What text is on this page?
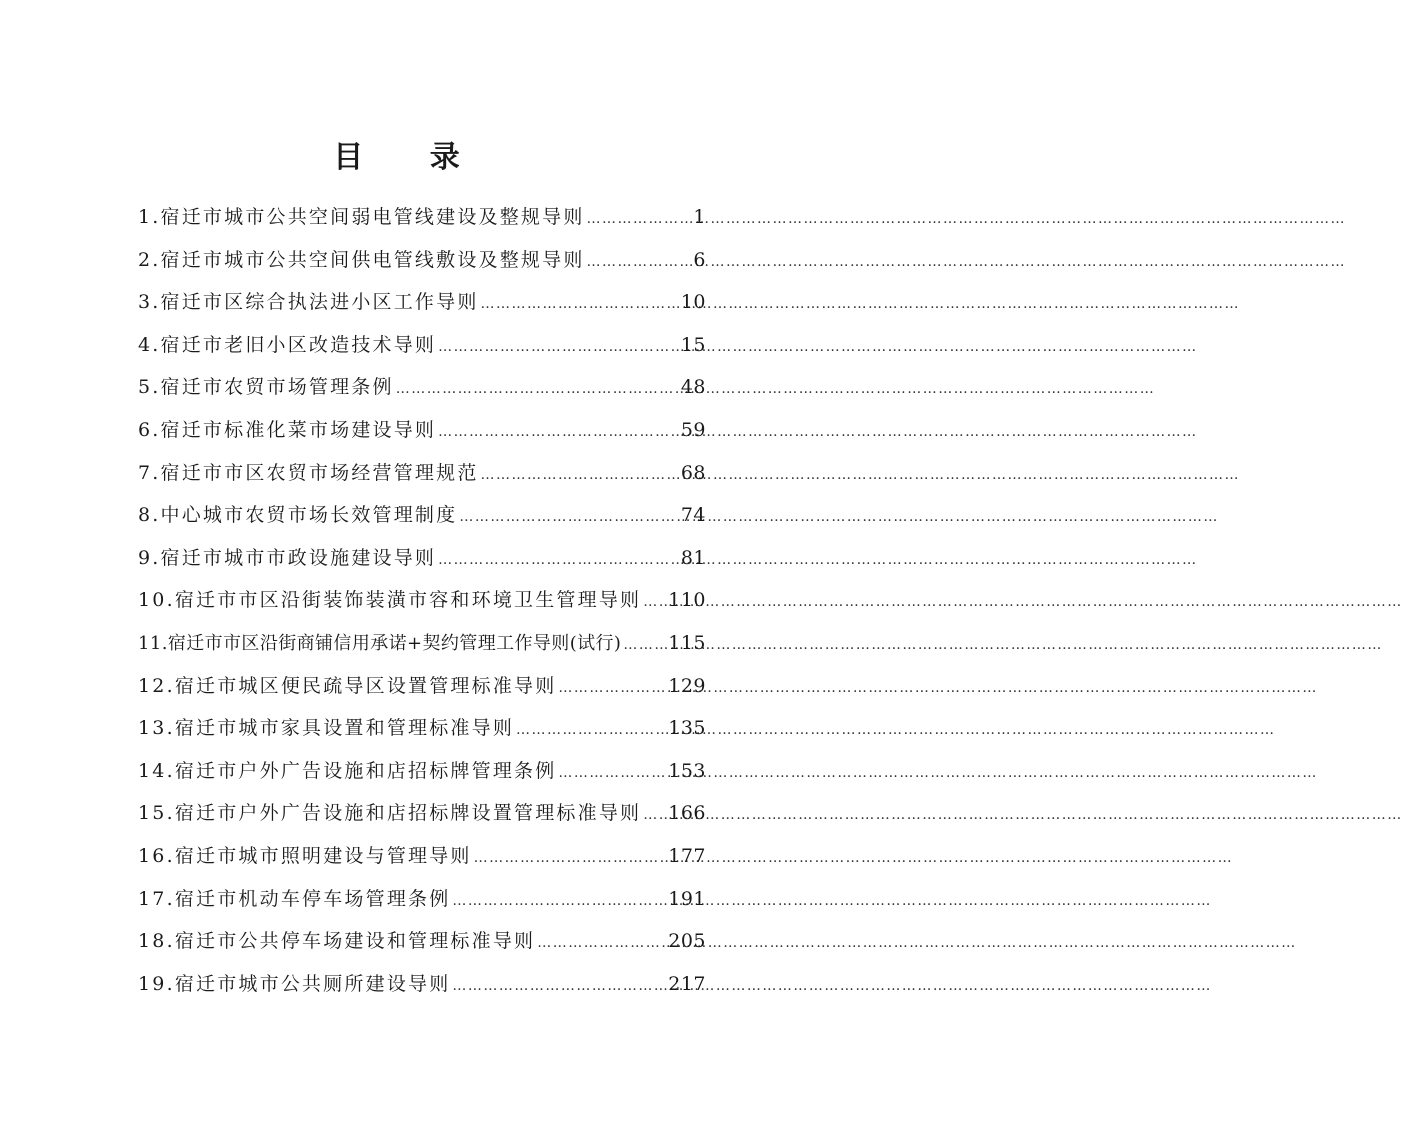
目 录
1.宿迁市城市公共空间弱电管线建设及整规导则 …………………………………………………………………………………………………………………………………	1
2.宿迁市城市公共空间供电管线敷设及整规导则 …………………………………………………………………………………………………………………………………	6
3.宿迁市区综合执法进小区工作导则 …………………………………………………………………………………………………………………………………	10
4.宿迁市老旧小区改造技术导则 …………………………………………………………………………………………………………………………………	15
5.宿迁市农贸市场管理条例 …………………………………………………………………………………………………………………………………	48
6.宿迁市标准化菜市场建设导则 …………………………………………………………………………………………………………………………………	59
7.宿迁市市区农贸市场经营管理规范 …………………………………………………………………………………………………………………………………	68
8.中心城市农贸市场长效管理制度 …………………………………………………………………………………………………………………………………	74
9.宿迁市城市市政设施建设导则 …………………………………………………………………………………………………………………………………	81
10.宿迁市市区沿街装饰装潢市容和环境卫生管理导则 ………………………………………………………………………………………………………………………………… 110
11.宿迁市市区沿街商铺信用承诺+契约管理工作导则(试行) ………………………………………………………………………………………………………………………………… 115
12.宿迁市城区便民疏导区设置管理标准导则 …………………………………………………………………………………………………………………………………	129
13.宿迁市城市家具设置和管理标准导则 …………………………………………………………………………………………………………………………………	135
14.宿迁市户外广告设施和店招标牌管理条例 …………………………………………………………………………………………………………………………………	153
15.宿迁市户外广告设施和店招标牌设置管理标准导则 ………………………………………………………………………………………………………………………………… 166
16.宿迁市城市照明建设与管理导则 …………………………………………………………………………………………………………………………………	177
17.宿迁市机动车停车场管理条例 …………………………………………………………………………………………………………………………………	191
18.宿迁市公共停车场建设和管理标准导则 …………………………………………………………………………………………………………………………………	205
19.宿迁市城市公共厕所建设导则 …………………………………………………………………………………………………………………………………	217
